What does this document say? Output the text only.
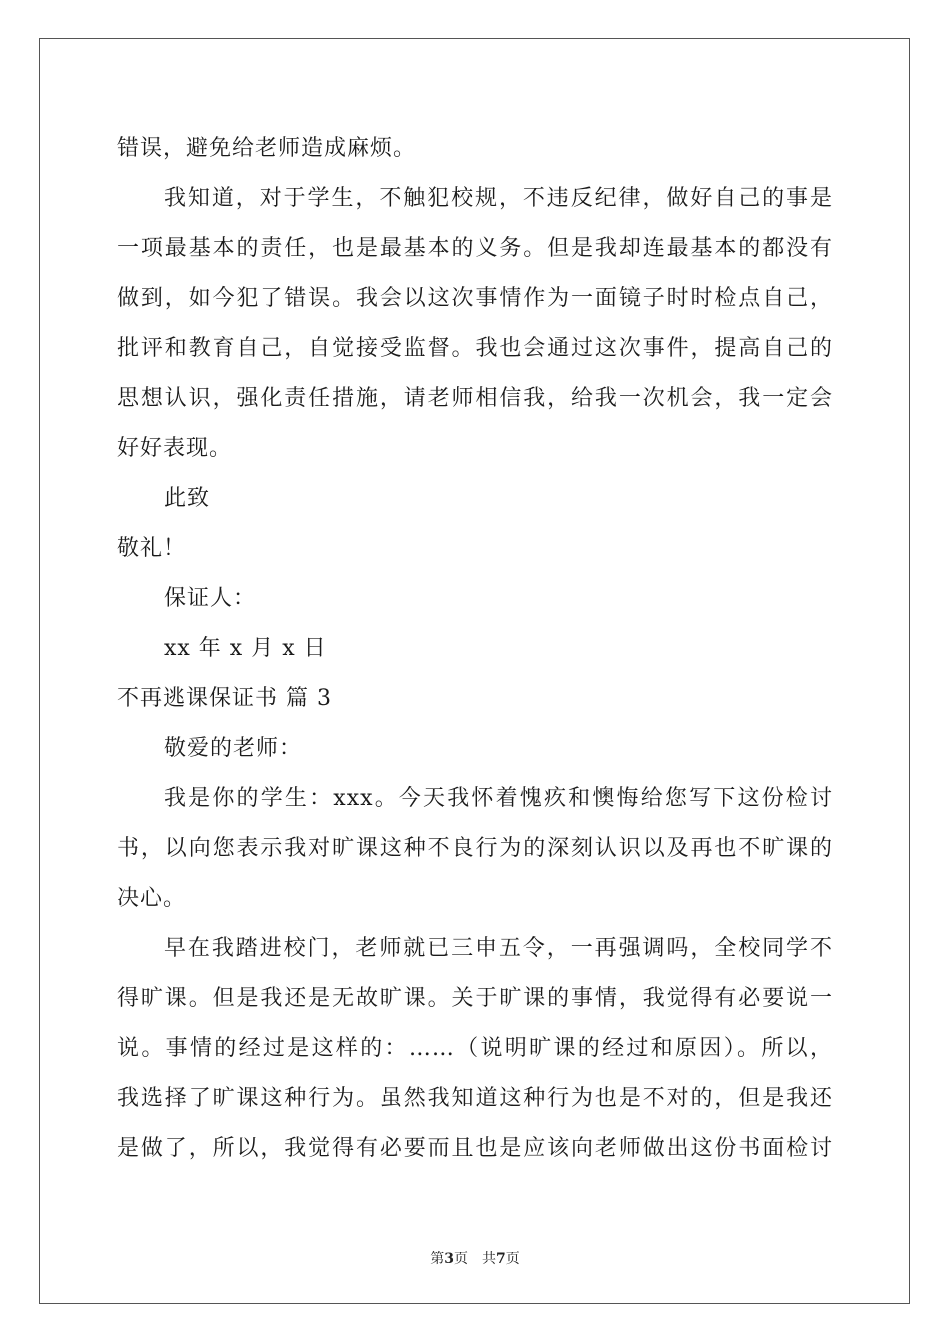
错误，避免给老师造成麻烦。
我知道，对于学生，不触犯校规，不违反纪律，做好自己的事是
一项最基本的责任，也是最基本的义务。但是我却连最基本的都没有
做到，如今犯了错误。我会以这次事情作为一面镜子时时检点自己，
批评和教育自己，自觉接受监督。我也会通过这次事件，提高自己的
思想认识，强化责任措施，请老师相信我，给我一次机会，我一定会
好好表现。
此致
敬礼！
保证人：
xx 年 x 月 x 日
不再逃课保证书 篇 3
敬爱的老师：
我是你的学生：xxx。今天我怀着愧疚和懊悔给您写下这份检讨
书，以向您表示我对旷课这种不良行为的深刻认识以及再也不旷课的
决心。
早在我踏进校门，老师就已三申五令，一再强调吗，全校同学不
得旷课。但是我还是无故旷课。关于旷课的事情，我觉得有必要说一
说。事情的经过是这样的：……（说明旷课的经过和原因）。所以，
我选择了旷课这种行为。虽然我知道这种行为也是不对的，但是我还
是做了，所以，我觉得有必要而且也是应该向老师做出这份书面检讨
第3页 共7页
